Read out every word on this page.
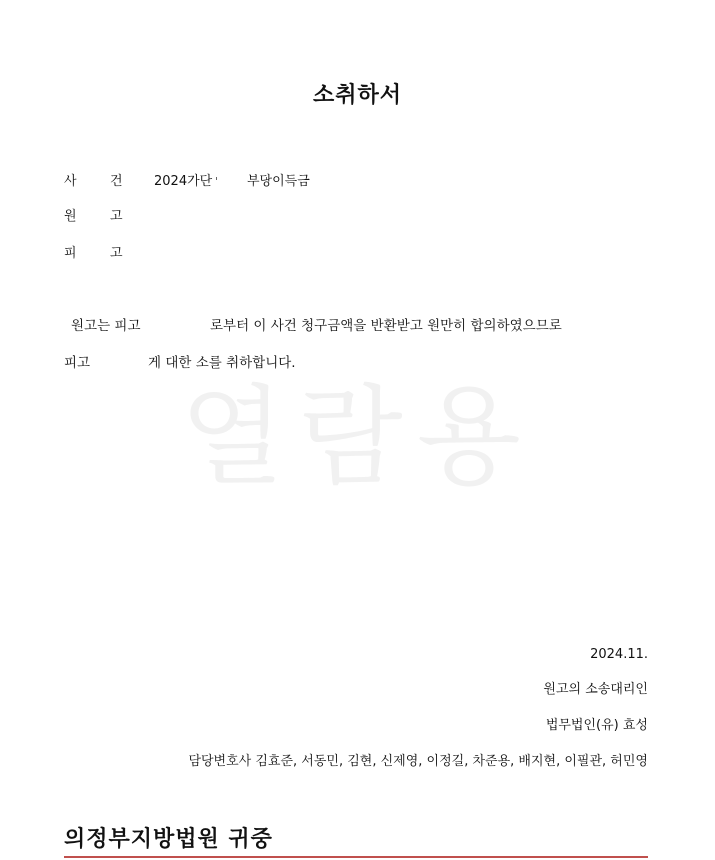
열람용
소취하서
사	건 2024가단	부당이득금
원	고
피	고
원고는 피고	로부터 이 사건 청구금액을 반환받고 원만히 합의하였으므로
피고	게 대한 소를 취하합니다.
2024.11.
원고의 소송대리인
법무법인(유) 효성
담당변호사 김효준, 서동민, 김현, 신제영, 이정길, 차준용, 배지현, 이필관, 허민영
의정부지방법원 귀중
